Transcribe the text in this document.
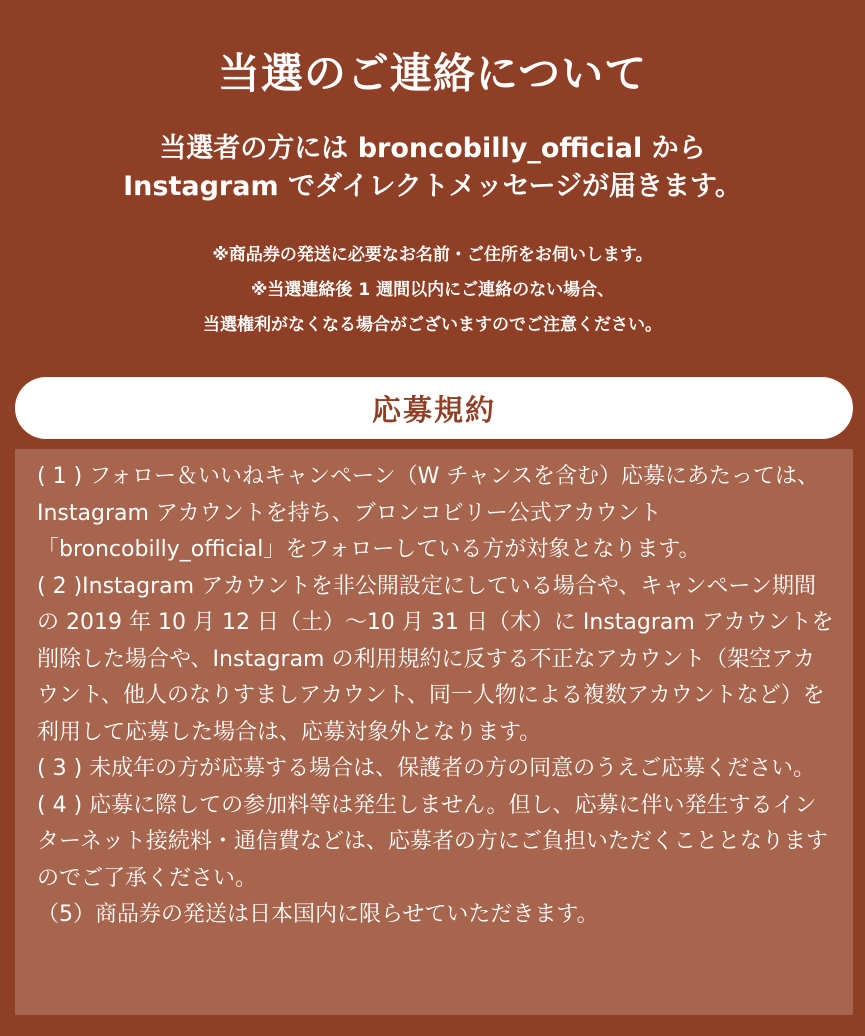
当選のご連絡について
当選者の方には broncobilly_official から
Instagram でダイレクトメッセージが届きます。
※商品券の発送に必要なお名前・ご住所をお伺いします。
※当選連絡後 1 週間以内にご連絡のない場合、
当選権利がなくなる場合がございますのでご注意ください。
応募規約
( 1 ) フォロー＆いいねキャンペーン（W チャンスを含む）応募にあたっては、Instagram アカウントを持ち、ブロンコビリー公式アカウント「broncobilly_official」をフォローしている方が対象となります。
( 2 )Instagram アカウントを非公開設定にしている場合や、キャンペーン期間の 2019 年 10 月 12 日（土）～10 月 31 日（木）に Instagram アカウントを削除した場合や、Instagram の利用規約に反する不正なアカウント（架空アカウント、他人のなりすましアカウント、同一人物による複数アカウントなど）を利用して応募した場合は、応募対象外となります。
( 3 ) 未成年の方が応募する場合は、保護者の方の同意のうえご応募ください。
( 4 ) 応募に際しての参加料等は発生しません。但し、応募に伴い発生するインターネット接続料・通信費などは、応募者の方にご負担いただくこととなりますのでご了承ください。
（5）商品券の発送は日本国内に限らせていただきます。
